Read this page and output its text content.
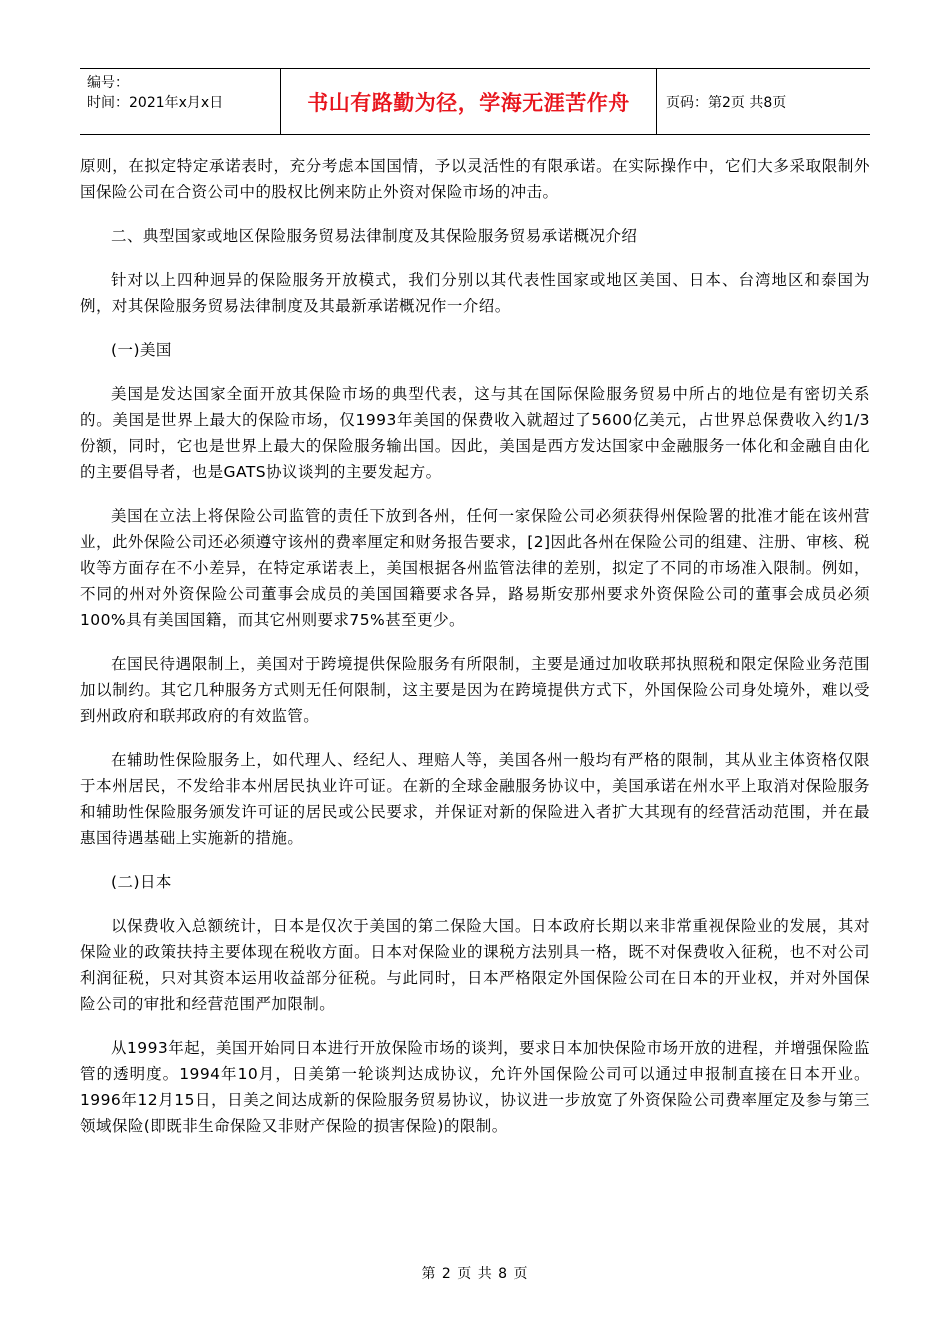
编号：
时间：2021年x月x日	书山有路勤为径，学海无涯苦作舟	页码：第2页 共8页

原则，在拟定特定承诺表时，充分考虑本国国情，予以灵活性的有限承诺。在实际操作中，它们大多采取限制外国保险公司在合资公司中的股权比例来防止外资对保险市场的冲击。

二、典型国家或地区保险服务贸易法律制度及其保险服务贸易承诺概况介绍

针对以上四种迥异的保险服务开放模式，我们分别以其代表性国家或地区美国、日本、台湾地区和泰国为例，对其保险服务贸易法律制度及其最新承诺概况作一介绍。

(一)美国

美国是发达国家全面开放其保险市场的典型代表，这与其在国际保险服务贸易中所占的地位是有密切关系的。美国是世界上最大的保险市场，仅1993年美国的保费收入就超过了5600亿美元，占世界总保费收入约1/3份额，同时，它也是世界上最大的保险服务输出国。因此，美国是西方发达国家中金融服务一体化和金融自由化的主要倡导者，也是GATS协议谈判的主要发起方。

美国在立法上将保险公司监管的责任下放到各州，任何一家保险公司必须获得州保险署的批准才能在该州营业，此外保险公司还必须遵守该州的费率厘定和财务报告要求，[2]因此各州在保险公司的组建、注册、审核、税收等方面存在不小差异，在特定承诺表上，美国根据各州监管法律的差别，拟定了不同的市场准入限制。例如，不同的州对外资保险公司董事会成员的美国国籍要求各异，路易斯安那州要求外资保险公司的董事会成员必须100%具有美国国籍，而其它州则要求75%甚至更少。

在国民待遇限制上，美国对于跨境提供保险服务有所限制，主要是通过加收联邦执照税和限定保险业务范围加以制约。其它几种服务方式则无任何限制，这主要是因为在跨境提供方式下，外国保险公司身处境外，难以受到州政府和联邦政府的有效监管。

在辅助性保险服务上，如代理人、经纪人、理赔人等，美国各州一般均有严格的限制，其从业主体资格仅限于本州居民，不发给非本州居民执业许可证。在新的全球金融服务协议中，美国承诺在州水平上取消对保险服务和辅助性保险服务颁发许可证的居民或公民要求，并保证对新的保险进入者扩大其现有的经营活动范围，并在最惠国待遇基础上实施新的措施。

(二)日本

以保费收入总额统计，日本是仅次于美国的第二保险大国。日本政府长期以来非常重视保险业的发展，其对保险业的政策扶持主要体现在税收方面。日本对保险业的课税方法别具一格，既不对保费收入征税，也不对公司利润征税，只对其资本运用收益部分征税。与此同时，日本严格限定外国保险公司在日本的开业权，并对外国保险公司的审批和经营范围严加限制。

从1993年起，美国开始同日本进行开放保险市场的谈判，要求日本加快保险市场开放的进程，并增强保险监管的透明度。1994年10月，日美第一轮谈判达成协议，允许外国保险公司可以通过申报制直接在日本开业。1996年12月15日，日美之间达成新的保险服务贸易协议，协议进一步放宽了外资保险公司费率厘定及参与第三领域保险(即既非生命保险又非财产保险的损害保险)的限制。

第 2 页 共 8 页
